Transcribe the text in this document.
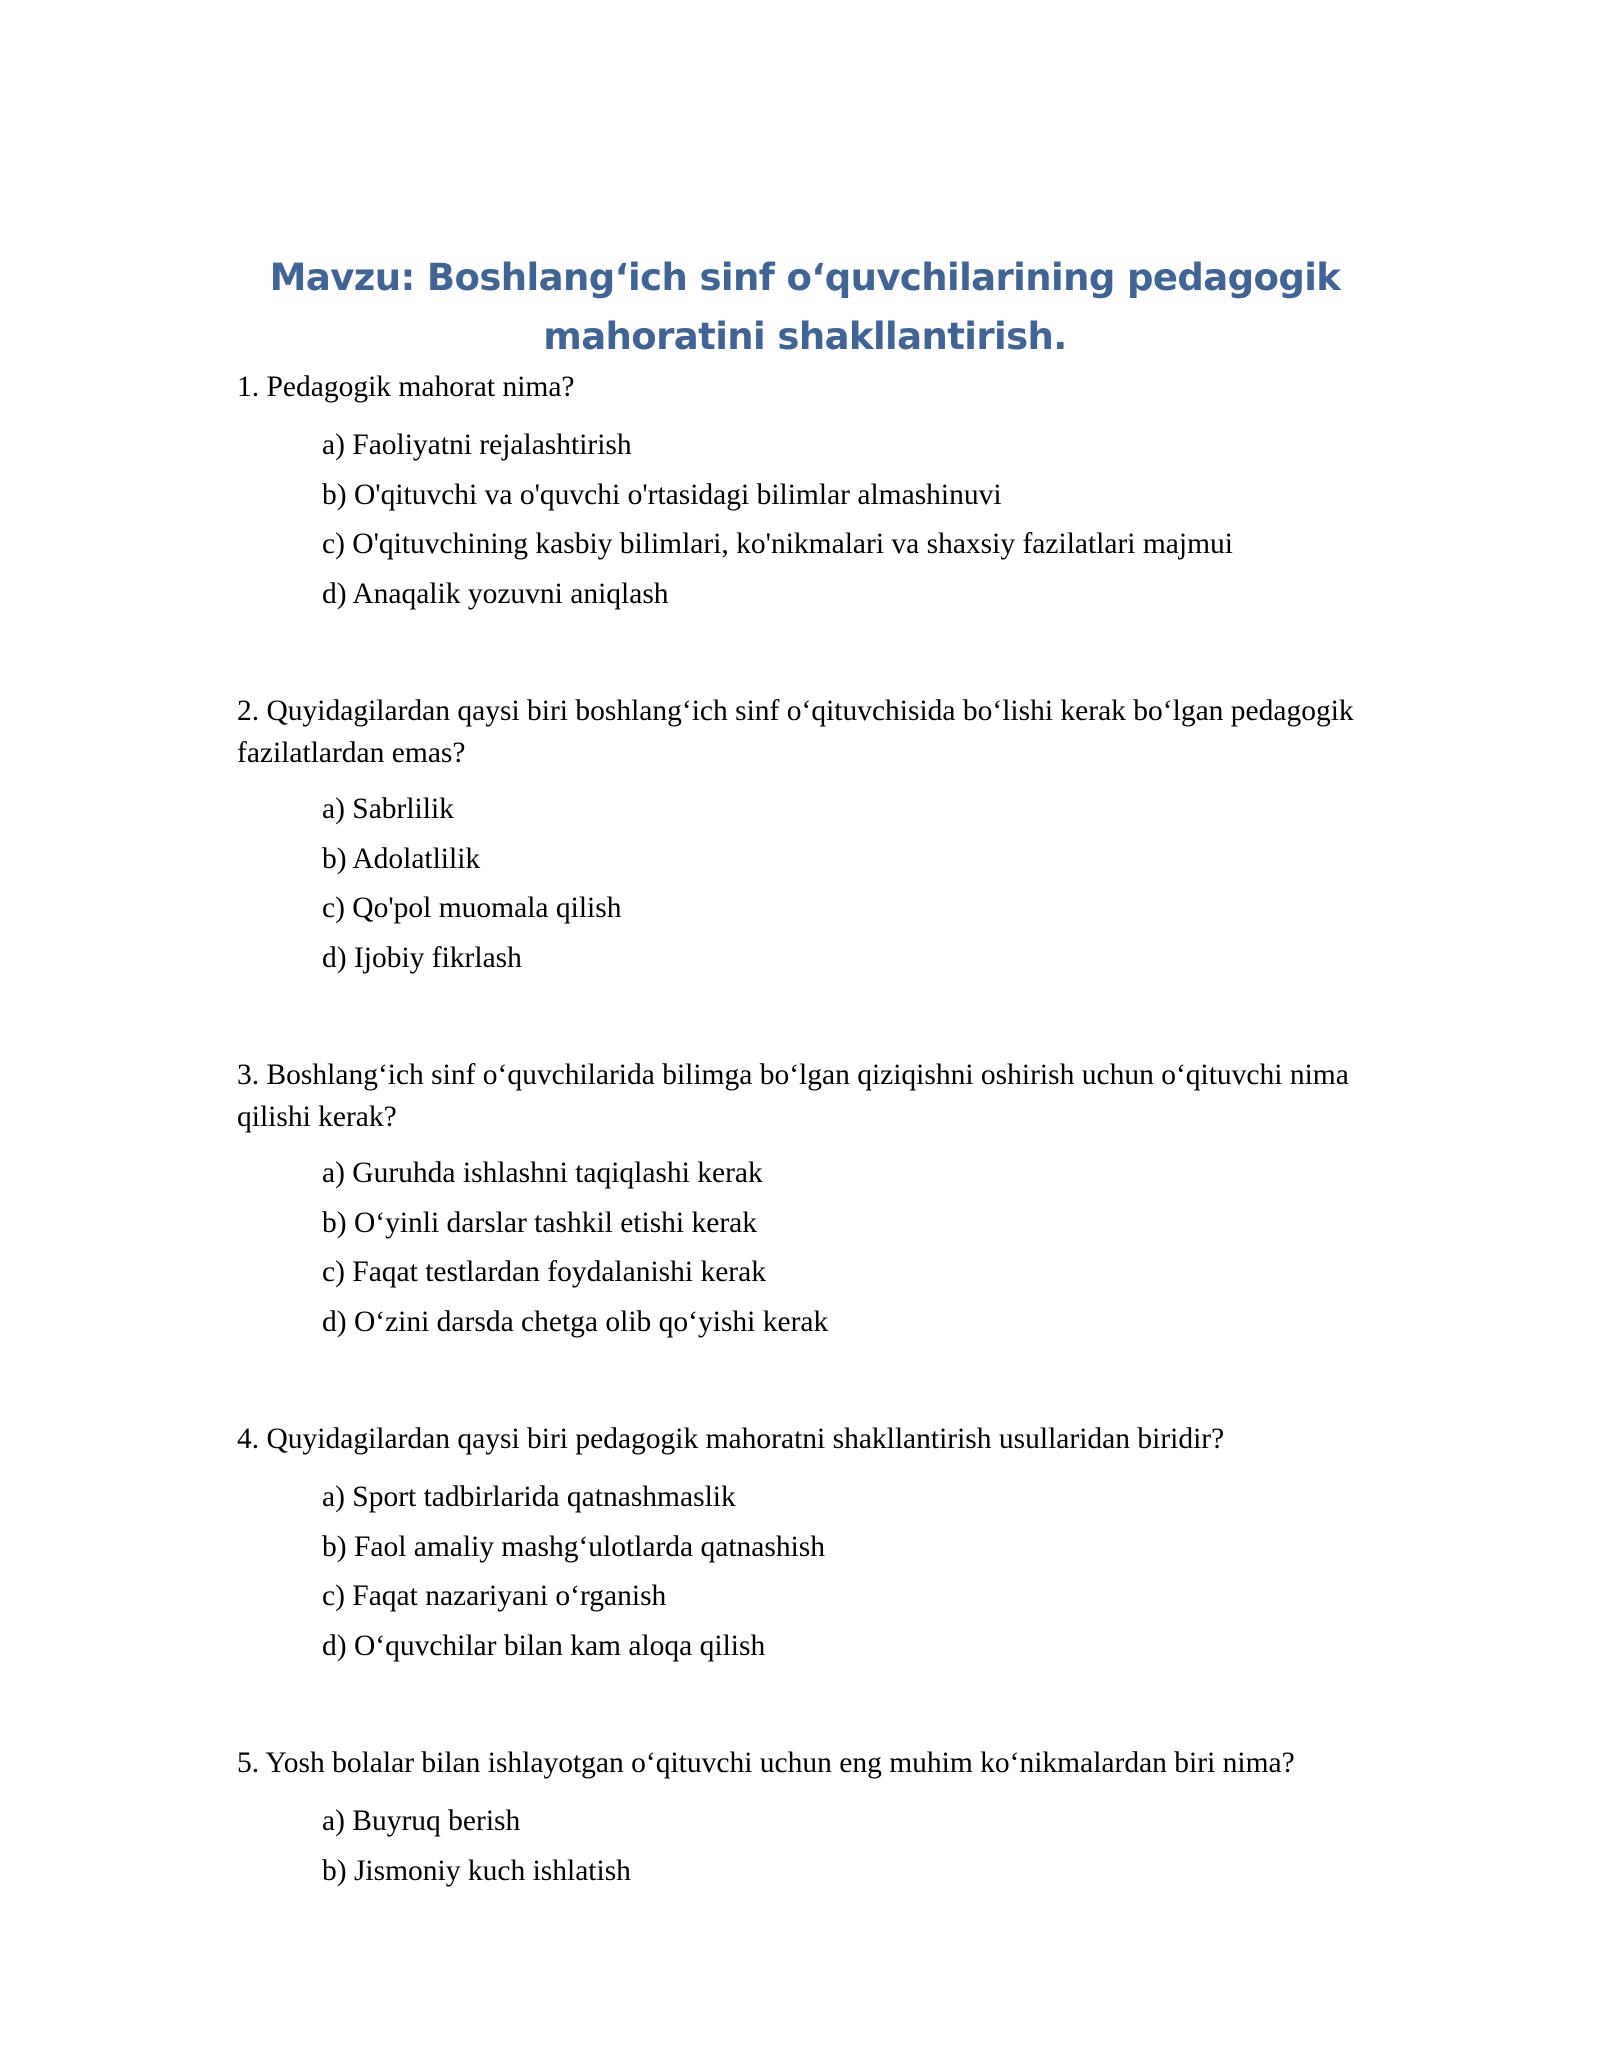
Mavzu: Boshlang‘ich sinf o‘quvchilarining pedagogik mahoratini shakllantirish.
1. Pedagogik mahorat nima?
a) Faoliyatni rejalashtirish
b) O'qituvchi va o'quvchi o'rtasidagi bilimlar almashinuvi
c) O'qituvchining kasbiy bilimlari, ko'nikmalari va shaxsiy fazilatlari majmui
d) Anaqalik yozuvni aniqlash
2. Quyidagilardan qaysi biri boshlang‘ich sinf o‘qituvchisida bo‘lishi kerak bo‘lgan pedagogik fazilatlardan emas?
a) Sabrlilik
b) Adolatlilik
c) Qo'pol muomala qilish
d) Ijobiy fikrlash
3. Boshlang‘ich sinf o‘quvchilarida bilimga bo‘lgan qiziqishni oshirish uchun o‘qituvchi nima qilishi kerak?
a) Guruhda ishlashni taqiqlashi kerak
b) O‘yinli darslar tashkil etishi kerak
c) Faqat testlardan foydalanishi kerak
d) O‘zini darsda chetga olib qo‘yishi kerak
4. Quyidagilardan qaysi biri pedagogik mahoratni shakllantirish usullaridan biridir?
a) Sport tadbirlarida qatnashmaslik
b) Faol amaliy mashg‘ulotlarda qatnashish
c) Faqat nazariyani o‘rganish
d) O‘quvchilar bilan kam aloqa qilish
5. Yosh bolalar bilan ishlayotgan o‘qituvchi uchun eng muhim ko‘nikmalardan biri nima?
a) Buyruq berish
b) Jismoniy kuch ishlatish
